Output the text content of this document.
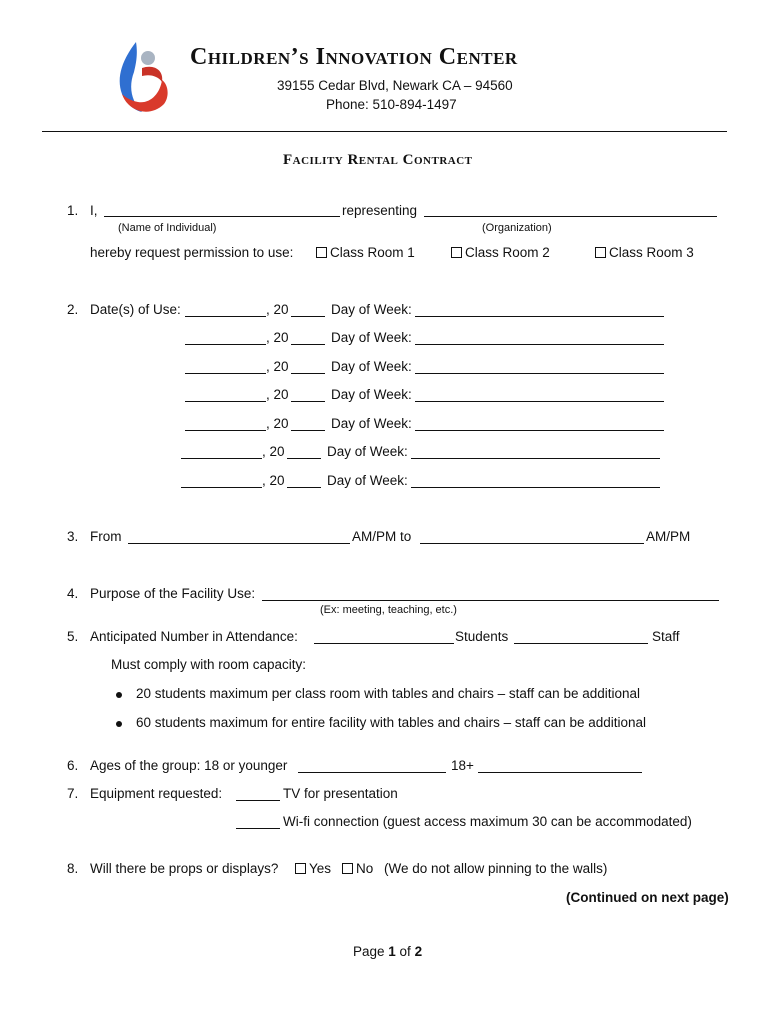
Children’s Innovation Center
39155 Cedar Blvd, Newark CA – 94560
Phone: 510-894-1497
Facility Rental Contract
1. I,	representing
(Name of Individual)	(Organization)
hereby request permission to use:	Class Room 1	Class Room 2	Class Room 3
2. Date(s) of Use:	, 20	Day of Week:
, 20	Day of Week:
, 20	Day of Week:
, 20	Day of Week:
, 20	Day of Week:
, 20	Day of Week:
, 20	Day of Week:
3. From	AM/PM to	AM/PM
4. Purpose of the Facility Use:
(Ex: meeting, teaching, etc.)
5. Anticipated Number in Attendance:	Students	Staff
Must comply with room capacity:
20 students maximum per class room with tables and chairs – staff can be additional
60 students maximum for entire facility with tables and chairs – staff can be additional
6. Ages of the group: 18 or younger	18+
7. Equipment requested:	TV for presentation
Wi-fi connection (guest access maximum 30 can be accommodated)
8. Will there be props or displays?	Yes	No (We do not allow pinning to the walls)
(Continued on next page)
Page 1 of 2
